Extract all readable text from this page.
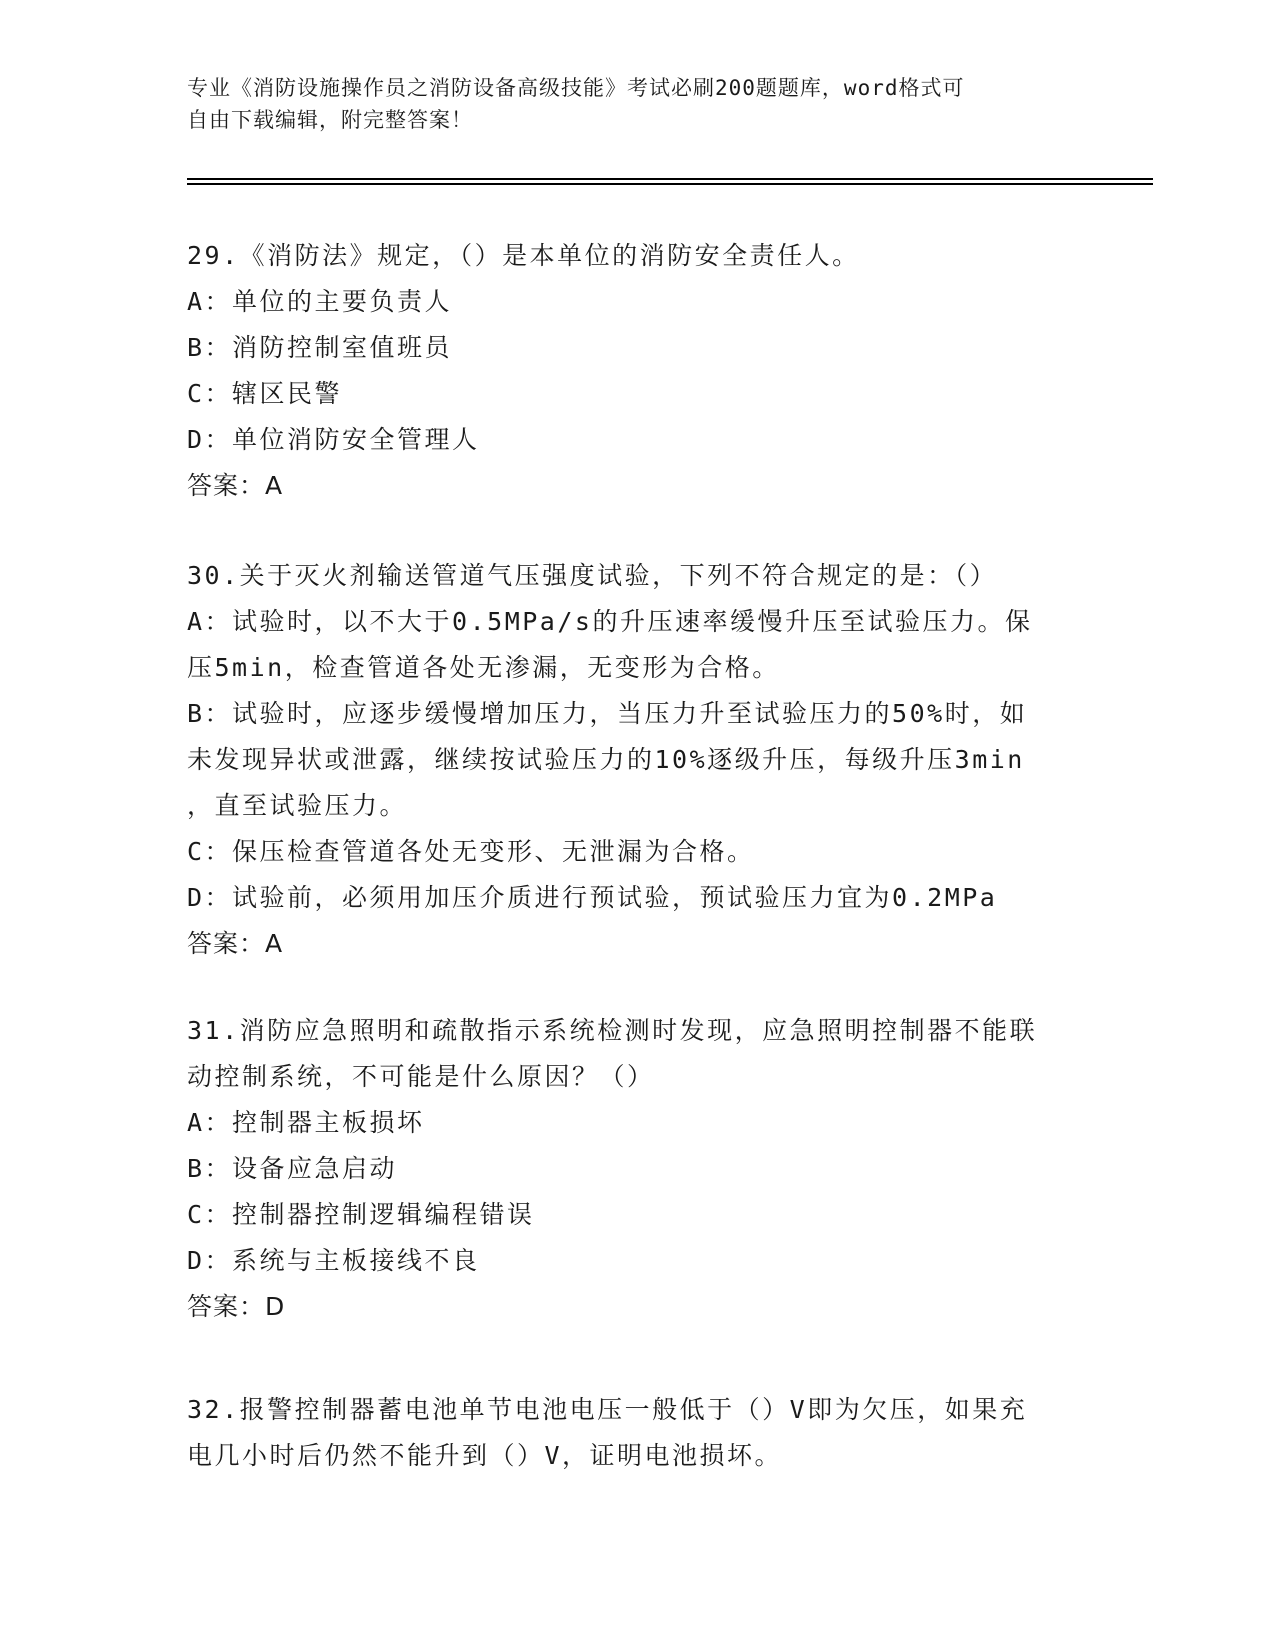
专业《消防设施操作员之消防设备高级技能》考试必刷200题题库，word格式可
自由下载编辑，附完整答案！
29.《消防法》规定，（）是本单位的消防安全责任人。
A：单位的主要负责人
B：消防控制室值班员
C：辖区民警
D：单位消防安全管理人
答案：A
30.关于灭火剂输送管道气压强度试验，下列不符合规定的是：（）
A：试验时，以不大于0.5MPa/s的升压速率缓慢升压至试验压力。保
压5min，检查管道各处无渗漏，无变形为合格。
B：试验时，应逐步缓慢增加压力，当压力升至试验压力的50%时，如
未发现异状或泄露，继续按试验压力的10%逐级升压，每级升压3min
，直至试验压力。
C：保压检查管道各处无变形、无泄漏为合格。
D：试验前，必须用加压介质进行预试验，预试验压力宜为0.2MPa
答案：A
31.消防应急照明和疏散指示系统检测时发现，应急照明控制器不能联
动控制系统，不可能是什么原因？（）
A：控制器主板损坏
B：设备应急启动
C：控制器控制逻辑编程错误
D：系统与主板接线不良
答案：D
32.报警控制器蓄电池单节电池电压一般低于（）V即为欠压，如果充
电几小时后仍然不能升到（）V，证明电池损坏。
